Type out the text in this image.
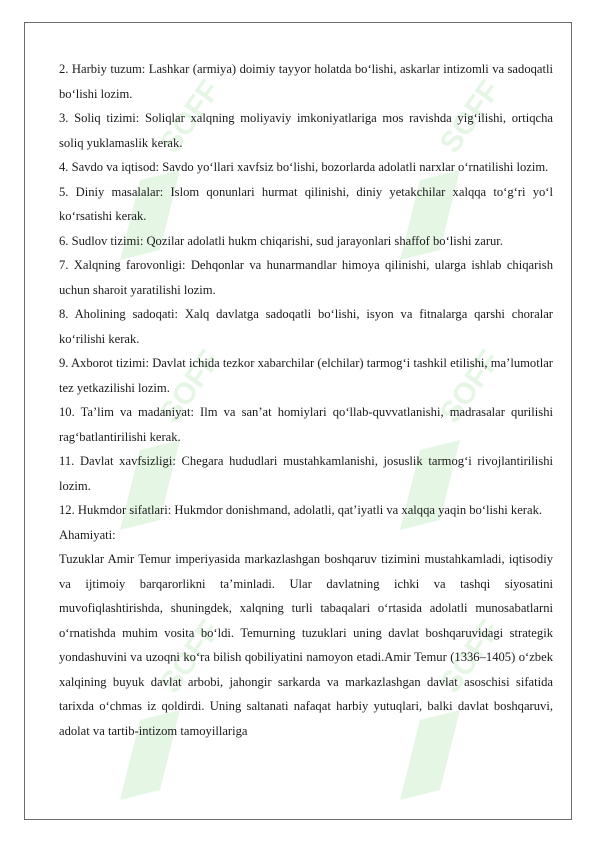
SOFF	SOFF
SOFF	SOFF
SOFF	SOFF

2. Harbiy tuzum: Lashkar (armiya) doimiy tayyor holatda bo‘lishi, askarlar intizomli va sadoqatli bo‘lishi lozim.

3. Soliq tizimi: Soliqlar xalqning moliyaviy imkoniyatlariga mos ravishda yig‘ilishi, ortiqcha soliq yuklamaslik kerak.

4. Savdo va iqtisod: Savdo yo‘llari xavfsiz bo‘lishi, bozorlarda adolatli narxlar o‘rnatilishi lozim.

5. Diniy masalalar: Islom qonunlari hurmat qilinishi, diniy yetakchilar xalqqa to‘g‘ri yo‘l ko‘rsatishi kerak.

6. Sudlov tizimi: Qozilar adolatli hukm chiqarishi, sud jarayonlari shaffof bo‘lishi zarur.

7. Xalqning farovonligi: Dehqonlar va hunarmandlar himoya qilinishi, ularga ishlab chiqarish uchun sharoit yaratilishi lozim.

8. Aholining sadoqati: Xalq davlatga sadoqatli bo‘lishi, isyon va fitnalarga qarshi choralar ko‘rilishi kerak.

9. Axborot tizimi: Davlat ichida tezkor xabarchilar (elchilar) tarmog‘i tashkil etilishi, ma’lumotlar tez yetkazilishi lozim.

10. Ta’lim va madaniyat: Ilm va san’at homiylari qo‘llab-quvvatlanishi, madrasalar qurilishi rag‘batlantirilishi kerak.

11. Davlat xavfsizligi: Chegara hududlari mustahkamlanishi, josuslik tarmog‘i rivojlantirilishi lozim.

12. Hukmdor sifatlari: Hukmdor donishmand, adolatli, qat’iyatli va xalqqa yaqin bo‘lishi kerak.

Ahamiyati:

Tuzuklar Amir Temur imperiyasida markazlashgan boshqaruv tizimini mustahkamladi, iqtisodiy va ijtimoiy barqarorlikni ta’minladi. Ular davlatning ichki va tashqi siyosatini muvofiqlashtirishda, shuningdek, xalqning turli tabaqalari o‘rtasida adolatli munosabatlarni o‘rnatishda muhim vosita bo‘ldi. Temurning tuzuklari uning davlat boshqaruvidagi strategik yondashuvini va uzoqni ko‘ra bilish qobiliyatini namoyon etadi.Amir Temur (1336–1405) o‘zbek xalqining buyuk davlat arbobi, jahongir sarkarda va markazlashgan davlat asoschisi sifatida tarixda o‘chmas iz qoldirdi. Uning saltanati nafaqat harbiy yutuqlari, balki davlat boshqaruvi, adolat va tartib-intizom tamoyillariga
